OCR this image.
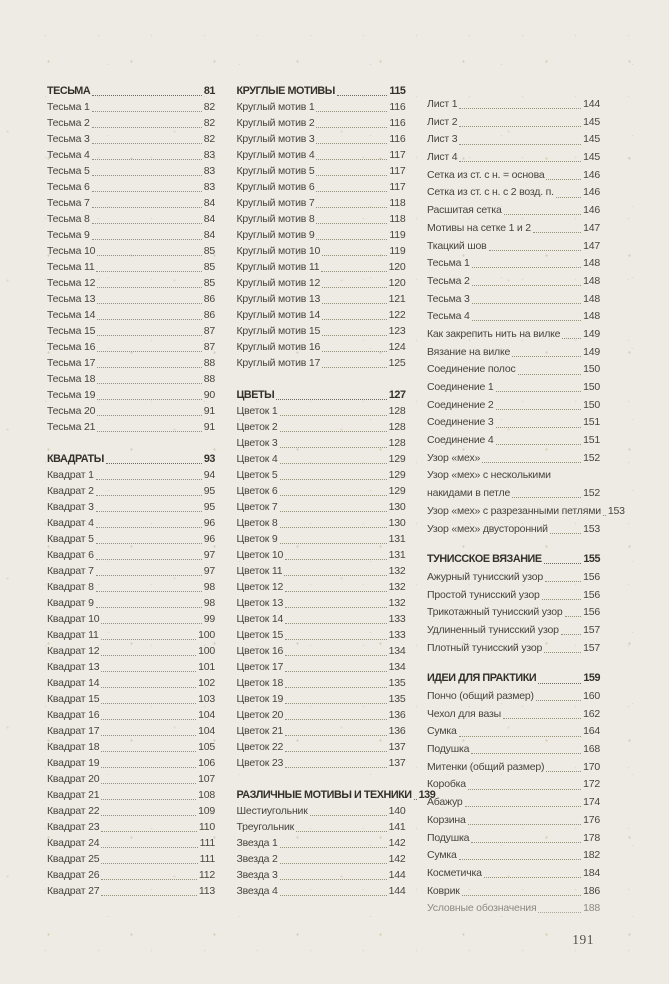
ТЕСЬМА	81
Тесьма 1	82
Тесьма 2	82
Тесьма 3	82
Тесьма 4	83
Тесьма 5	83
Тесьма 6	83
Тесьма 7	84
Тесьма 8	84
Тесьма 9	84
Тесьма 10	85
Тесьма 11	85
Тесьма 12	85
Тесьма 13	86
Тесьма 14	86
Тесьма 15	87
Тесьма 16	87
Тесьма 17	88
Тесьма 18	88
Тесьма 19	90
Тесьма 20	91
Тесьма 21	91
КВАДРАТЫ	93
Квадрат 1	94
Квадрат 2	95
Квадрат 3	95
Квадрат 4	96
Квадрат 5	96
Квадрат 6	97
Квадрат 7	97
Квадрат 8	98
Квадрат 9	98
Квадрат 10	99
Квадрат 11	100
Квадрат 12	100
Квадрат 13	101
Квадрат 14	102
Квадрат 15	103
Квадрат 16	104
Квадрат 17	104
Квадрат 18	105
Квадрат 19	106
Квадрат 20	107
Квадрат 21	108
Квадрат 22	109
Квадрат 23	110
Квадрат 24	111
Квадрат 25	111
Квадрат 26	112
Квадрат 27	113
КРУГЛЫЕ МОТИВЫ	115
Круглый мотив 1	116
Круглый мотив 2	116
Круглый мотив 3	116
Круглый мотив 4	117
Круглый мотив 5	117
Круглый мотив 6	117
Круглый мотив 7	118
Круглый мотив 8	118
Круглый мотив 9	119
Круглый мотив 10	119
Круглый мотив 11	120
Круглый мотив 12	120
Круглый мотив 13	121
Круглый мотив 14	122
Круглый мотив 15	123
Круглый мотив 16	124
Круглый мотив 17	125
ЦВЕТЫ	127
Цветок 1	128
Цветок 2	128
Цветок 3	128
Цветок 4	129
Цветок 5	129
Цветок 6	129
Цветок 7	130
Цветок 8	130
Цветок 9	131
Цветок 10	131
Цветок 11	132
Цветок 12	132
Цветок 13	132
Цветок 14	133
Цветок 15	133
Цветок 16	134
Цветок 17	134
Цветок 18	135
Цветок 19	135
Цветок 20	136
Цветок 21	136
Цветок 22	137
Цветок 23	137
РАЗЛИЧНЫЕ МОТИВЫ И ТЕХНИКИ 139
Шестиугольник	140
Треугольник	141
Звезда 1	142
Звезда 2	142
Звезда 3	144
Звезда 4	144
Лист 1	144
Лист 2	145
Лист 3	145
Лист 4	145
Сетка из ст. с н. = основа	146
Сетка из ст. с н. с 2 возд. п.	146
Расшитая сетка	146
Мотивы на сетке 1 и 2	147
Ткацкий шов	147
Тесьма 1	148
Тесьма 2	148
Тесьма 3	148
Тесьма 4	148
Как закрепить нить на вилке 149
Вязание на вилке	149
Соединение полос	150
Соединение 1	150
Соединение 2	150
Соединение 3	151
Соединение 4	151
Узор «мех»	152
Узор «мех» с несколькими
накидами в петле	152
Узор «мех» с разрезанными петлями 153
Узор «мех» двусторонний	153
ТУНИССКОЕ ВЯЗАНИЕ	155
Ажурный тунисский узор	156
Простой тунисский узор	156
Трикотажный тунисский узор 156
Удлиненный тунисский узор 157
Плотный тунисский узор	157
ИДЕИ ДЛЯ ПРАКТИКИ	159
Пончо (общий размер)	160
Чехол для вазы	162
Сумка	164
Подушка	168
Митенки (общий размер)	170
Коробка	172
Абажур	174
Корзина	176
Подушка	178
Сумка	182
Косметичка	184
Коврик	186
Условные обозначения	188
191
